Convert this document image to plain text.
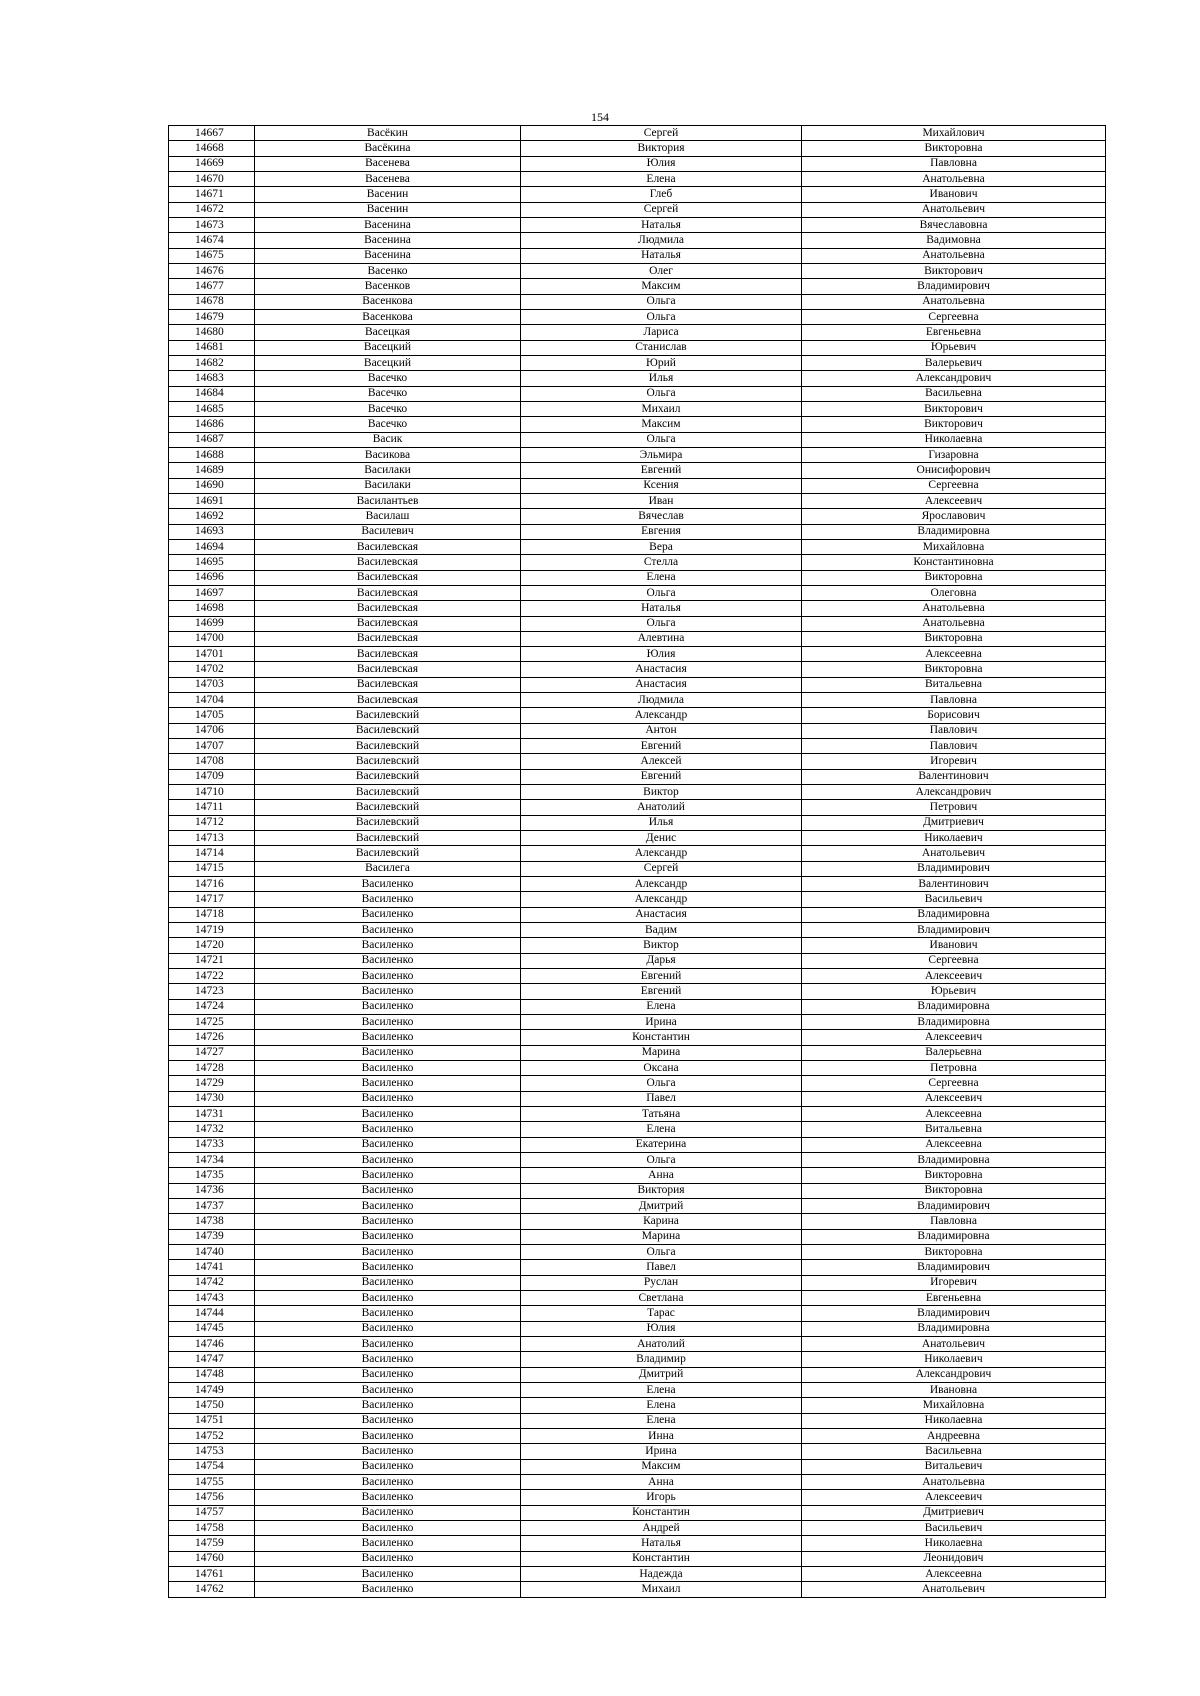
154
14667	Васёкин	Сергей	Михайлович
14668	Васёкина	Виктория	Викторовна
14669	Васенева	Юлия	Павловна
14670	Васенева	Елена	Анатольевна
14671	Васенин	Глеб	Иванович
14672	Васенин	Сергей	Анатольевич
14673	Васенина	Наталья	Вячеславовна
14674	Васенина	Людмила	Вадимовна
14675	Васенина	Наталья	Анатольевна
14676	Васенко	Олег	Викторович
14677	Васенков	Максим	Владимирович
14678	Васенкова	Ольга	Анатольевна
14679	Васенкова	Ольга	Сергеевна
14680	Васецкая	Лариса	Евгеньевна
14681	Васецкий	Станислав	Юрьевич
14682	Васецкий	Юрий	Валерьевич
14683	Васечко	Илья	Александрович
14684	Васечко	Ольга	Васильевна
14685	Васечко	Михаил	Викторович
14686	Васечко	Максим	Викторович
14687	Васик	Ольга	Николаевна
14688	Васикова	Эльмира	Гизаровна
14689	Василаки	Евгений	Онисифорович
14690	Василаки	Ксения	Сергеевна
14691	Василантьев	Иван	Алексеевич
14692	Василаш	Вячеслав	Ярославович
14693	Василевич	Евгения	Владимировна
14694	Василевская	Вера	Михайловна
14695	Василевская	Стелла	Константиновна
14696	Василевская	Елена	Викторовна
14697	Василевская	Ольга	Олеговна
14698	Василевская	Наталья	Анатольевна
14699	Василевская	Ольга	Анатольевна
14700	Василевская	Алевтина	Викторовна
14701	Василевская	Юлия	Алексеевна
14702	Василевская	Анастасия	Викторовна
14703	Василевская	Анастасия	Витальевна
14704	Василевская	Людмила	Павловна
14705	Василевский	Александр	Борисович
14706	Василевский	Антон	Павлович
14707	Василевский	Евгений	Павлович
14708	Василевский	Алексей	Игоревич
14709	Василевский	Евгений	Валентинович
14710	Василевский	Виктор	Александрович
14711	Василевский	Анатолий	Петрович
14712	Василевский	Илья	Дмитриевич
14713	Василевский	Денис	Николаевич
14714	Василевский	Александр	Анатольевич
14715	Василега	Сергей	Владимирович
14716	Василенко	Александр	Валентинович
14717	Василенко	Александр	Васильевич
14718	Василенко	Анастасия	Владимировна
14719	Василенко	Вадим	Владимирович
14720	Василенко	Виктор	Иванович
14721	Василенко	Дарья	Сергеевна
14722	Василенко	Евгений	Алексеевич
14723	Василенко	Евгений	Юрьевич
14724	Василенко	Елена	Владимировна
14725	Василенко	Ирина	Владимировна
14726	Василенко	Константин	Алексеевич
14727	Василенко	Марина	Валерьевна
14728	Василенко	Оксана	Петровна
14729	Василенко	Ольга	Сергеевна
14730	Василенко	Павел	Алексеевич
14731	Василенко	Татьяна	Алексеевна
14732	Василенко	Елена	Витальевна
14733	Василенко	Екатерина	Алексеевна
14734	Василенко	Ольга	Владимировна
14735	Василенко	Анна	Викторовна
14736	Василенко	Виктория	Викторовна
14737	Василенко	Дмитрий	Владимирович
14738	Василенко	Карина	Павловна
14739	Василенко	Марина	Владимировна
14740	Василенко	Ольга	Викторовна
14741	Василенко	Павел	Владимирович
14742	Василенко	Руслан	Игоревич
14743	Василенко	Светлана	Евгеньевна
14744	Василенко	Тарас	Владимирович
14745	Василенко	Юлия	Владимировна
14746	Василенко	Анатолий	Анатольевич
14747	Василенко	Владимир	Николаевич
14748	Василенко	Дмитрий	Александрович
14749	Василенко	Елена	Ивановна
14750	Василенко	Елена	Михайловна
14751	Василенко	Елена	Николаевна
14752	Василенко	Инна	Андреевна
14753	Василенко	Ирина	Васильевна
14754	Василенко	Максим	Витальевич
14755	Василенко	Анна	Анатольевна
14756	Василенко	Игорь	Алексеевич
14757	Василенко	Константин	Дмитриевич
14758	Василенко	Андрей	Васильевич
14759	Василенко	Наталья	Николаевна
14760	Василенко	Константин	Леонидович
14761	Василенко	Надежда	Алексеевна
14762	Василенко	Михаил	Анатольевич
